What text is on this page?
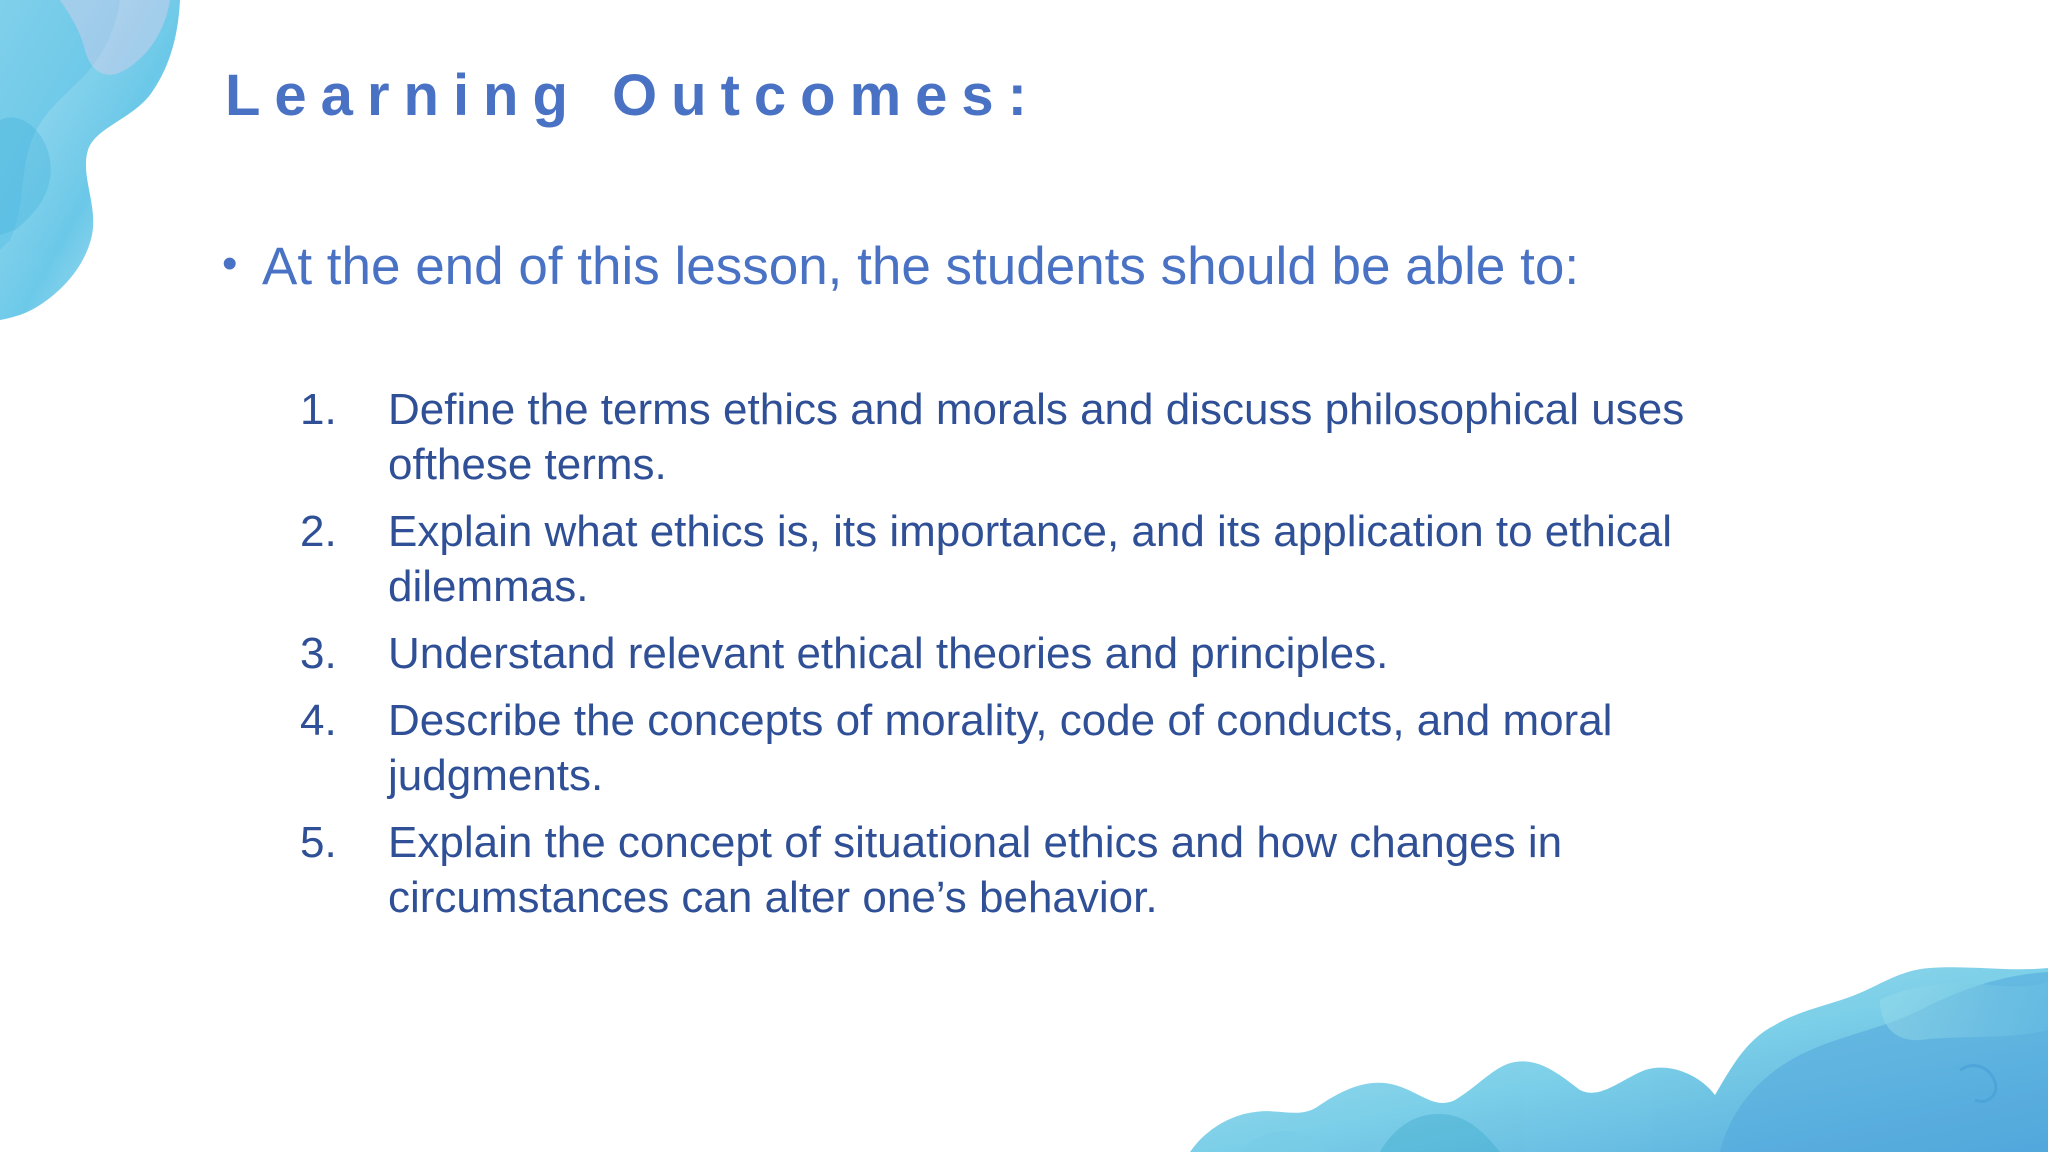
Learning Outcomes:
• At the end of this lesson, the students should be able to:
1.	Define the terms ethics and morals and discuss philosophical uses ofthese terms.
2.	Explain what ethics is, its importance, and its application to ethical dilemmas.
3.	Understand relevant ethical theories and principles.
4.	Describe the concepts of morality, code of conducts, and moral judgments.
5.	Explain the concept of situational ethics and how changes in circumstances can alter one’s behavior.
